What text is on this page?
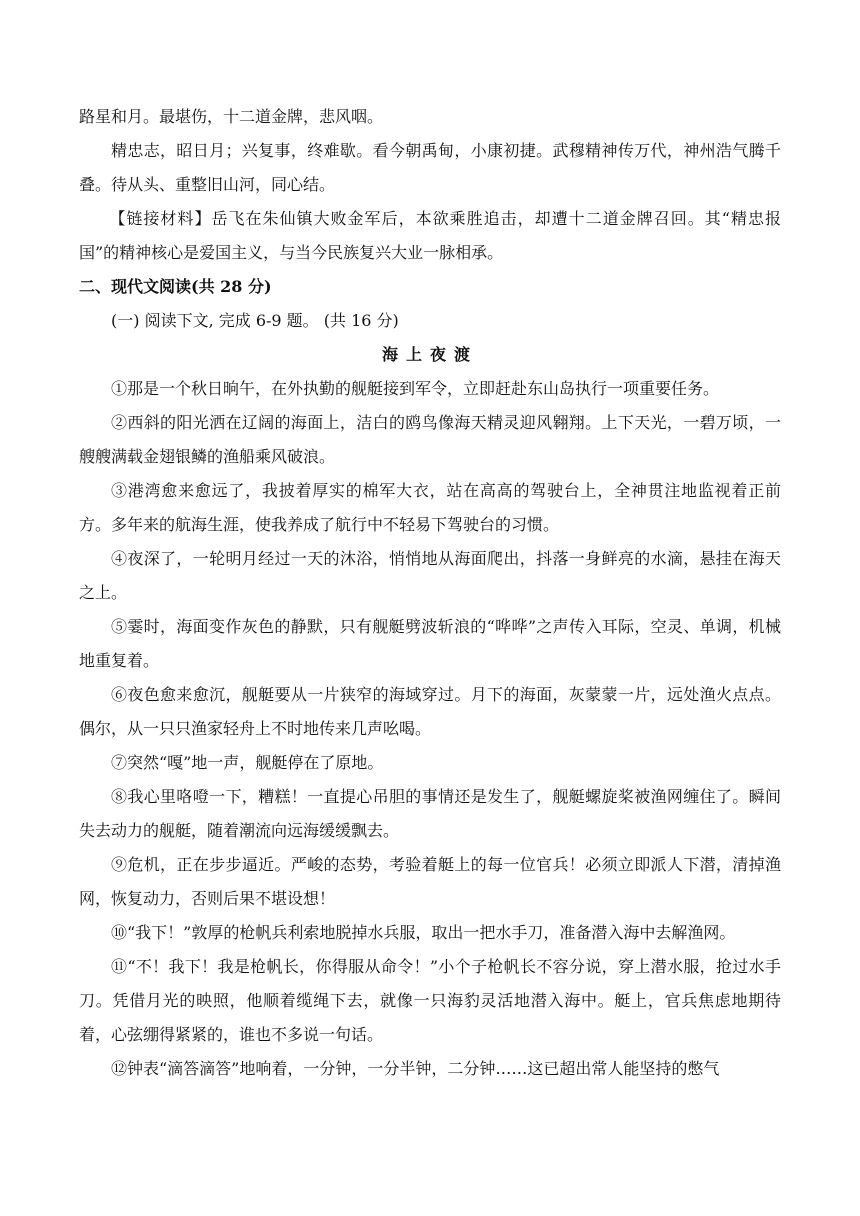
路星和月。最堪伤，十二道金牌，悲风咽。

精忠志，昭日月；兴复事，终难歇。看今朝禹甸，小康初捷。武穆精神传万代，神州浩气腾千叠。待从头、重整旧山河，同心结。

【链接材料】岳飞在朱仙镇大败金军后，本欲乘胜追击，却遭十二道金牌召回。其“精忠报国”的精神核心是爱国主义，与当今民族复兴大业一脉相承。

二、现代文阅读(共 28 分)

(一) 阅读下文, 完成 6-9 题。 (共 16 分)

海上夜渡

①那是一个秋日晌午，在外执勤的舰艇接到军令，立即赶赴东山岛执行一项重要任务。

②西斜的阳光洒在辽阔的海面上，洁白的鸥鸟像海天精灵迎风翱翔。上下天光，一碧万顷，一艘艘满载金翅银鳞的渔船乘风破浪。

③港湾愈来愈远了，我披着厚实的棉军大衣，站在高高的驾驶台上，全神贯注地监视着正前方。多年来的航海生涯，使我养成了航行中不轻易下驾驶台的习惯。

④夜深了，一轮明月经过一天的沐浴，悄悄地从海面爬出，抖落一身鲜亮的水滴，悬挂在海天之上。

⑤霎时，海面变作灰色的静默，只有舰艇劈波斩浪的“哗哗”之声传入耳际，空灵、单调，机械地重复着。

⑥夜色愈来愈沉，舰艇要从一片狭窄的海域穿过。月下的海面，灰蒙蒙一片，远处渔火点点。偶尔，从一只只渔家轻舟上不时地传来几声吆喝。

⑦突然“嘎”地一声，舰艇停在了原地。

⑧我心里咯噔一下，糟糕！一直提心吊胆的事情还是发生了，舰艇螺旋桨被渔网缠住了。瞬间失去动力的舰艇，随着潮流向远海缓缓飘去。

⑨危机，正在步步逼近。严峻的态势，考验着艇上的每一位官兵！必须立即派人下潜，清掉渔网，恢复动力，否则后果不堪设想！

⑩“我下！”敦厚的枪帆兵利索地脱掉水兵服，取出一把水手刀，准备潜入海中去解渔网。

⑪“不！我下！我是枪帆长，你得服从命令！”小个子枪帆长不容分说，穿上潜水服，抢过水手刀。凭借月光的映照，他顺着缆绳下去，就像一只海豹灵活地潜入海中。艇上，官兵焦虑地期待着，心弦绷得紧紧的，谁也不多说一句话。

⑫钟表“滴答滴答”地响着，一分钟，一分半钟，二分钟……这已超出常人能坚持的憋气
